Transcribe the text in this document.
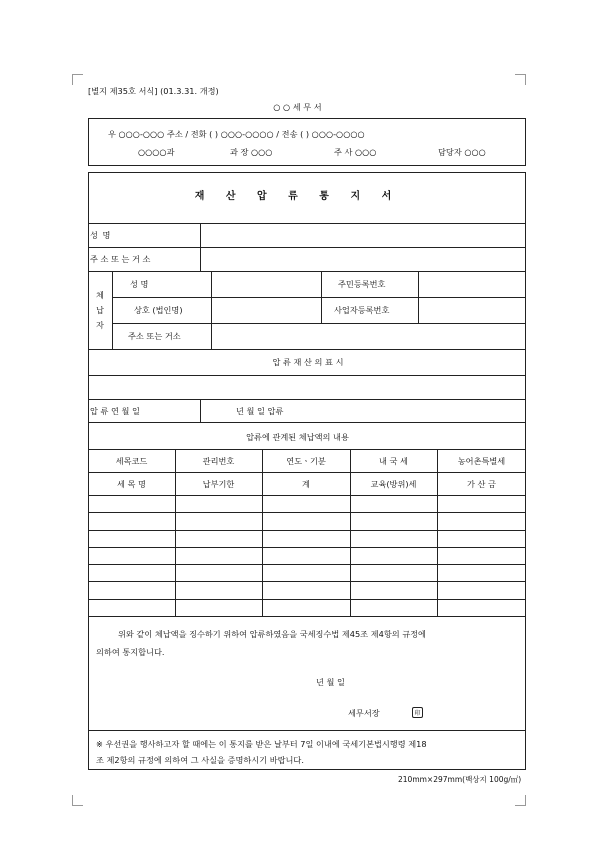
[별지 제35호 서식] (01.3.31. 개정)
○ ○ 세 무 서
우 ○○○-○○○ 주소 / 전화 ( ) ○○○-○○○○ / 전송 ( ) ○○○-○○○○
○○○○과	과 장 ○○○	주 사 ○○○	담당자 ○○○
재 산 압 류 통 지 서
성 명
주 소 또 는 거 소
체
납
자
성 명	주민등록번호
상호 (법인명)	사업자등록번호
주소 또는 거소
압 류 재 산 의 표 시
압 류 연 월 일	년 월 일 압류
압류에 관계된 체납액의 내용
세목코드	관리번호	연도ㆍ기분	내 국 세	농어촌특별세
세 목 명	납부기한	계	교육(방위)세	가 산 금
위와 같이 체납액을 징수하기 위하여 압류하였음을 국세징수법 제45조 제4항의 규정에
의하여 통지합니다.
년 월 일
세무서장	印
※ 우선권을 행사하고자 할 때에는 이 통지를 받은 날부터 7일 이내에 국세기본법시행령 제18
조 제2항의 규정에 의하여 그 사실을 증명하시기 바랍니다.
210mm×297mm(백상지 100g/㎡)
